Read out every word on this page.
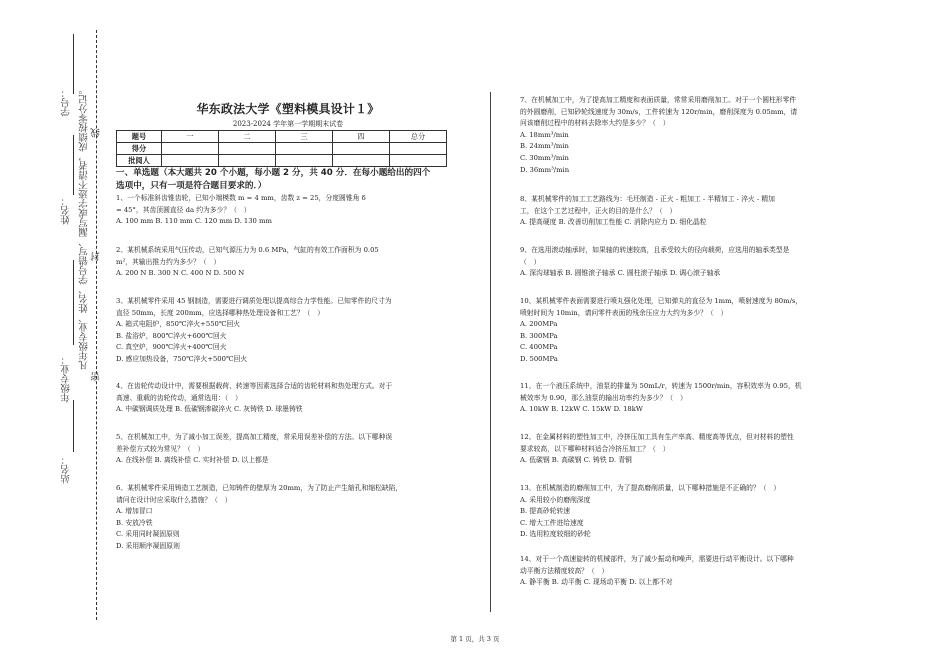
学号：
姓名：
年级专业：
站名：
凡年级专业、姓名、学号错写、漏写或字迹不清者，成绩按零分记。
密
封
线
华东政法大学《塑料模具设计１》
2023-2024 学年第一学期期末试卷
题号	一	二	三	四	总分
得分					
批阅人					
一、单选题（本大题共 20 个小题，每小题 2 分，共 40 分．在每小题给出的四个
选项中，只有一项是符合题目要求的．）
1、一个标准斜齿锥齿轮，已知小端模数 m = 4 mm，齿数 z = 25，分度圆锥角 δ
= 45°，其齿顶圆直径 da 约为多少？（　）
A. 100 mm B. 110 mm C. 120 mm D. 130 mm
2、某机械系统采用气压传动，已知气源压力为 0.6 MPa，气缸的有效工作面积为 0.05
m²，其输出推力约为多少？（　）
A. 200 N B. 300 N C. 400 N D. 500 N
3、某机械零件采用 45 钢制造，需要进行调质处理以提高综合力学性能。已知零件的尺寸为
直径 50mm，长度 200mm，应选择哪种热处理设备和工艺？（　）
A. 箱式电阻炉，850℃淬火+550℃回火
B. 盐浴炉，800℃淬火+600℃回火
C. 真空炉，900℃淬火+400℃回火
D. 感应加热设备，750℃淬火+500℃回火
4、在齿轮传动设计中，需要根据载荷、转速等因素选择合适的齿轮材料和热处理方式。对于
高速、重载的齿轮传动，通常选用：（　）
A. 中碳钢调质处理 B. 低碳钢渗碳淬火 C. 灰铸铁 D. 球墨铸铁
5、在机械加工中，为了减小加工误差，提高加工精度，常采用误差补偿的方法。以下哪种误
差补偿方式较为常见？（　）
A. 在线补偿 B. 离线补偿 C. 实时补偿 D. 以上都是
6、某机械零件采用铸造工艺制造，已知铸件的壁厚为 20mm，为了防止产生缩孔和缩松缺陷，
请问在设计时应采取什么措施？（　）
A. 增加冒口
B. 安放冷铁
C. 采用同时凝固原则
D. 采用顺序凝固原则
7、在机械加工中，为了提高加工精度和表面质量，常常采用磨削加工。对于一个圆柱形零件
的外圆磨削，已知砂轮线速度为 30m/s，工件转速为 120r/min，磨削深度为 0.05mm，请
问该磨削过程中的材料去除率大约是多少？（　）
A. 18mm³/min
B. 24mm³/min
C. 30mm³/min
D. 36mm³/min
8、某机械零件的加工工艺路线为：毛坯制造 - 正火 - 粗加工 - 半精加工 - 淬火 - 精加
工，在这个工艺过程中，正火的目的是什么？（　）
A. 提高硬度 B. 改善切削加工性能 C. 消除内应力 D. 细化晶粒
9、在选用滚动轴承时，如果轴的转速较高，且承受较大的径向载荷，应选用的轴承类型是
（　）
A. 深沟球轴承 B. 圆锥滚子轴承 C. 圆柱滚子轴承 D. 调心滚子轴承
10、某机械零件表面需要进行喷丸强化处理，已知弹丸的直径为 1mm，喷射速度为 80m/s，
喷射时间为 10min，请问零件表面的残余压应力大约为多少？（　）
A. 200MPa
B. 300MPa
C. 400MPa
D. 500MPa
11、在一个液压系统中，油泵的排量为 50mL/r，转速为 1500r/min，容积效率为 0.95，机
械效率为 0.90，那么油泵的输出功率约为多少？（　）
A. 10kW B. 12kW C. 15kW D. 18kW
12、在金属材料的塑性加工中，冷挤压加工具有生产率高、精度高等优点，但对材料的塑性
要求较高，以下哪种材料适合冷挤压加工？（　）
A. 低碳钢 B. 高碳钢 C. 铸铁 D. 青铜
13、在机械制造的磨削加工中，为了提高磨削质量，以下哪种措施是不正确的？（　）
A. 采用较小的磨削深度
B. 提高砂轮转速
C. 增大工件进给速度
D. 选用粒度较细的砂轮
14、对于一个高速旋转的机械部件，为了减少振动和噪声，需要进行动平衡设计。以下哪种
动平衡方法精度较高？（　）
A. 静平衡 B. 动平衡 C. 现场动平衡 D. 以上都不对
第 1 页，共 3 页
